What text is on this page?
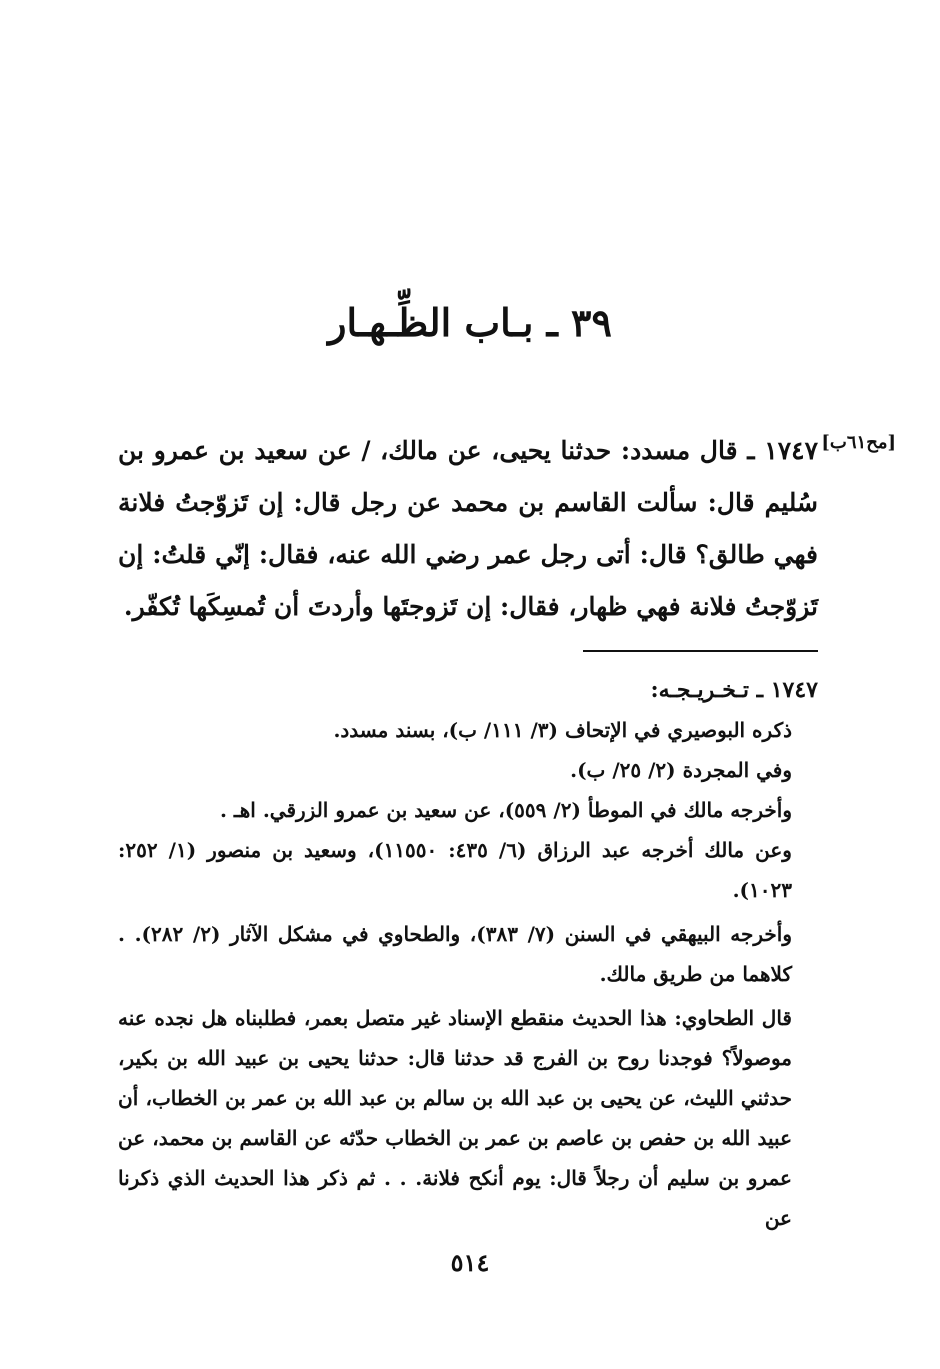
٣٩ ـ بـاب الظِّـهـار
[مح٦١ب]

١٧٤٧ ـ قال مسدد: حدثنا يحيى، عن مالك، / عن سعيد بن عمرو بن سُليم قال: سألت القاسم بن محمد عن رجل قال: إن تَزوّجتُ فلانة فهي طالق؟ قال: أتى رجل عمر رضي الله عنه، فقال: إنّي قلتُ: إن تَزوّجتُ فلانة فهي ظهار، فقال: إن تَزوجتَها وأردتَ أن تُمسِكَها تُكفّر.

١٧٤٧ ـ تـخـريـجـه:

ذكره البوصيري في الإتحاف (٣/ ١١١/ ب)، بسند مسدد.

وفي المجردة (٢/ ٢٥/ ب).

وأخرجه مالك في الموطأ (٢/ ٥٥٩)، عن سعيد بن عمرو الزرقي. اهـ .

وعن مالك أخرجه عبد الرزاق (٦/ ٤٣٥: ١١٥٥٠)، وسعيد بن منصور (١/ ٢٥٢: ١٠٢٣).

وأخرجه البيهقي في السنن (٧/ ٣٨٣)، والطحاوي في مشكل الآثار (٢/ ٢٨٢). . كلاهما من طريق مالك.

قال الطحاوي: هذا الحديث منقطع الإسناد غير متصل بعمر، فطلبناه هل نجده عنه موصولاً؟ فوجدنا روح بن الفرج قد حدثنا قال: حدثنا يحيى بن عبيد الله بن بكير، حدثني الليث، عن يحيى بن عبد الله بن سالم بن عبد الله بن عمر بن الخطاب، أن عبيد الله بن حفص بن عاصم بن عمر بن الخطاب حدّثه عن القاسم بن محمد، عن عمرو بن سليم أن رجلاً قال: يوم أنكح فلانة. . . ثم ذكر هذا الحديث الذي ذكرنا عن

٥١٤
